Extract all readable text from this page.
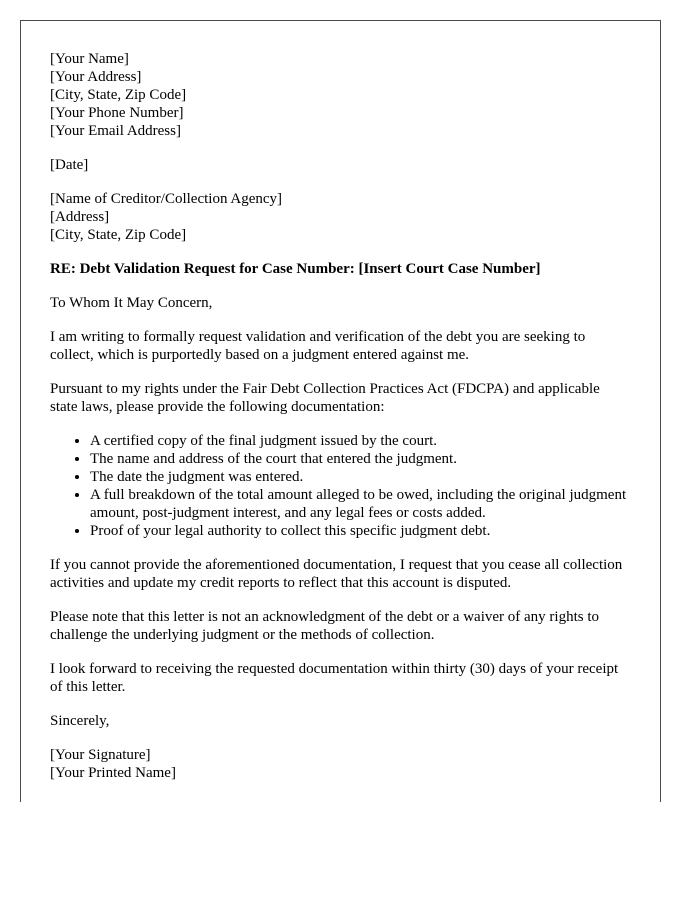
[Your Name]
[Your Address]
[City, State, Zip Code]
[Your Phone Number]
[Your Email Address]
[Date]
[Name of Creditor/Collection Agency]
[Address]
[City, State, Zip Code]

RE: Debt Validation Request for Case Number: [Insert Court Case Number]

To Whom It May Concern,

I am writing to formally request validation and verification of the debt you are seeking to collect, which is purportedly based on a judgment entered against me.

Pursuant to my rights under the Fair Debt Collection Practices Act (FDCPA) and applicable state laws, please provide the following documentation:

• A certified copy of the final judgment issued by the court.
• The name and address of the court that entered the judgment.
• The date the judgment was entered.
• A full breakdown of the total amount alleged to be owed, including the original judgment amount, post-judgment interest, and any legal fees or costs added.
• Proof of your legal authority to collect this specific judgment debt.

If you cannot provide the aforementioned documentation, I request that you cease all collection activities and update my credit reports to reflect that this account is disputed.

Please note that this letter is not an acknowledgment of the debt or a waiver of any rights to challenge the underlying judgment or the methods of collection.

I look forward to receiving the requested documentation within thirty (30) days of your receipt of this letter.

Sincerely,

[Your Signature]
[Your Printed Name]
